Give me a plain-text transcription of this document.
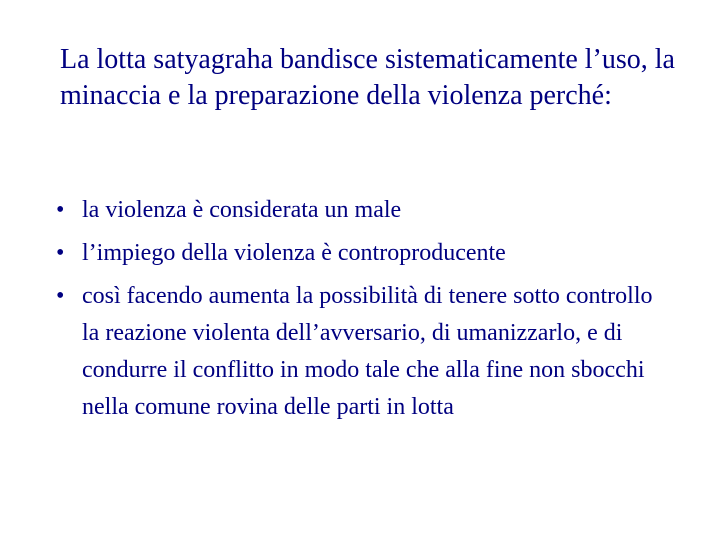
La lotta satyagraha bandisce sistematicamente l’uso, la minaccia e la preparazione della violenza perché:
• la violenza è considerata un male
• l’impiego della violenza è controproducente
• così facendo aumenta la possibilità di tenere sotto controllo la reazione violenta dell’avversario, di umanizzarlo, e di condurre il conflitto in modo tale che alla fine non sbocchi nella comune rovina delle parti in lotta
